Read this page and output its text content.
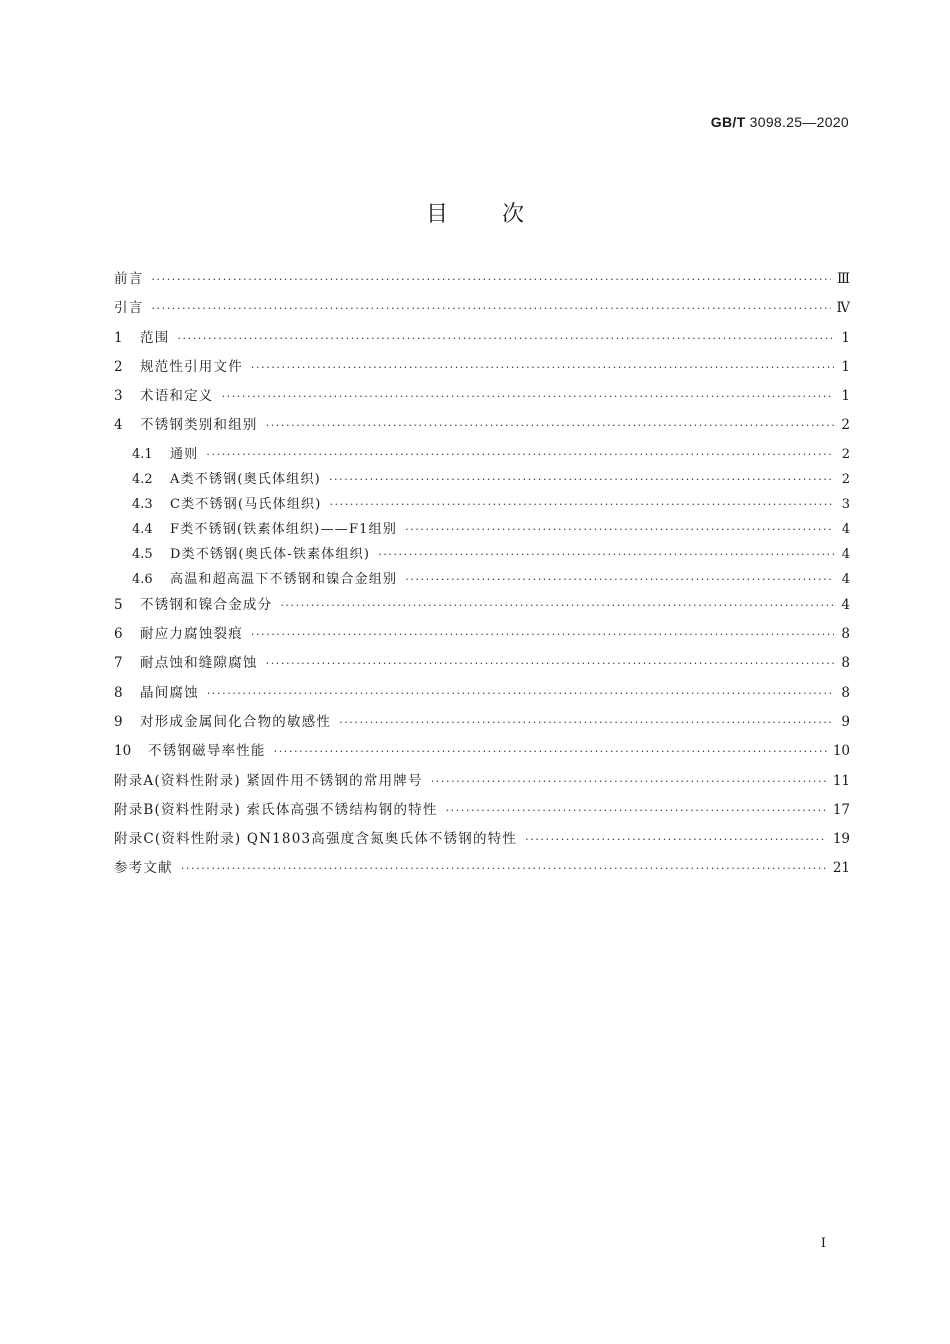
GB/T 3098.25—2020
目次
前言 ·····	Ⅲ
引言 ·····	Ⅳ
1	范围 ·····	1
2	规范性引用文件 ·····	1
3	术语和定义 ·····	1
4	不锈钢类别和组别 ·····	2
4.1	通则 ·····	2
4.2	A类不锈钢(奥氏体组织) ·····	2
4.3	C类不锈钢(马氏体组织) ·····	3
4.4	F类不锈钢(铁素体组织)——F1组别 ·····	4
4.5	D类不锈钢(奥氏体-铁素体组织) ·····	4
4.6	高温和超高温下不锈钢和镍合金组别 ·····	4
5	不锈钢和镍合金成分 ·····	4
6	耐应力腐蚀裂痕 ·····	8
7	耐点蚀和缝隙腐蚀 ·····	8
8	晶间腐蚀 ·····	8
9	对形成金属间化合物的敏感性 ·····	9
10	不锈钢磁导率性能 ·····	10
附录A(资料性附录) 紧固件用不锈钢的常用牌号 ·····	11
附录B(资料性附录) 索氏体高强不锈结构钢的特性 ·····	17
附录C(资料性附录) QN1803高强度含氮奥氏体不锈钢的特性 ·····	19
参考文献 ·····	21
Ⅰ
